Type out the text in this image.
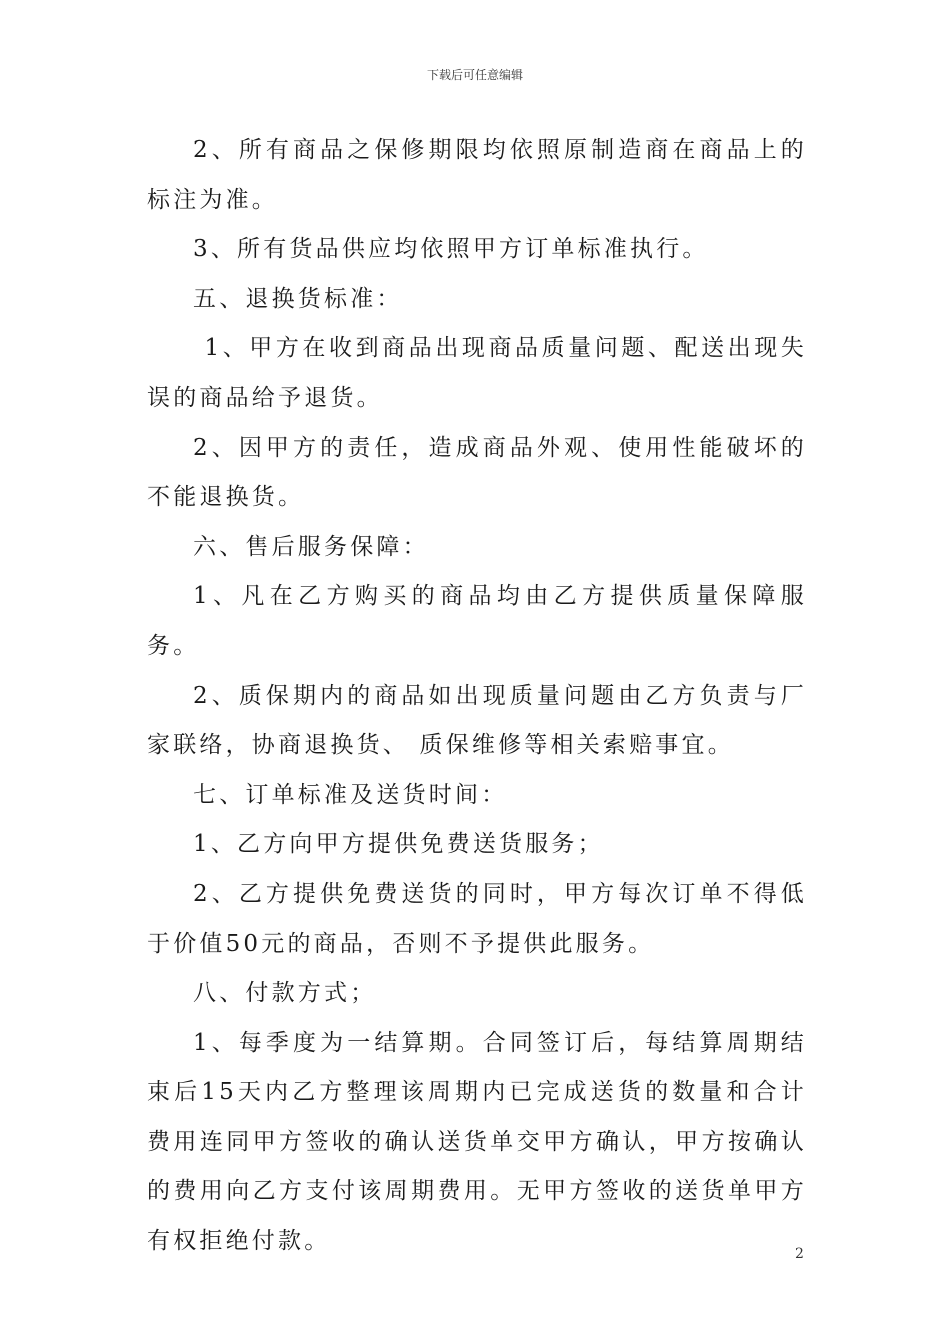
下载后可任意编辑

2、所有商品之保修期限均依照原制造商在商品上的标注为准。

3、所有货品供应均依照甲方订单标准执行。

五、退换货标准：

1、甲方在收到商品出现商品质量问题、配送出现失误的商品给予退货。

2、因甲方的责任，造成商品外观、使用性能破坏的不能退换货。

六、售后服务保障：

1、凡在乙方购买的商品均由乙方提供质量保障服务。

2、质保期内的商品如出现质量问题由乙方负责与厂家联络，协商退换货、 质保维修等相关索赔事宜。

七、订单标准及送货时间：

1、乙方向甲方提供免费送货服务；

2、乙方提供免费送货的同时，甲方每次订单不得低于价值50元的商品，否则不予提供此服务。

八、付款方式；

1、每季度为一结算期。合同签订后，每结算周期结束后15天内乙方整理该周期内已完成送货的数量和合计费用连同甲方签收的确认送货单交甲方确认，甲方按确认的费用向乙方支付该周期费用。无甲方签收的送货单甲方有权拒绝付款。	2
